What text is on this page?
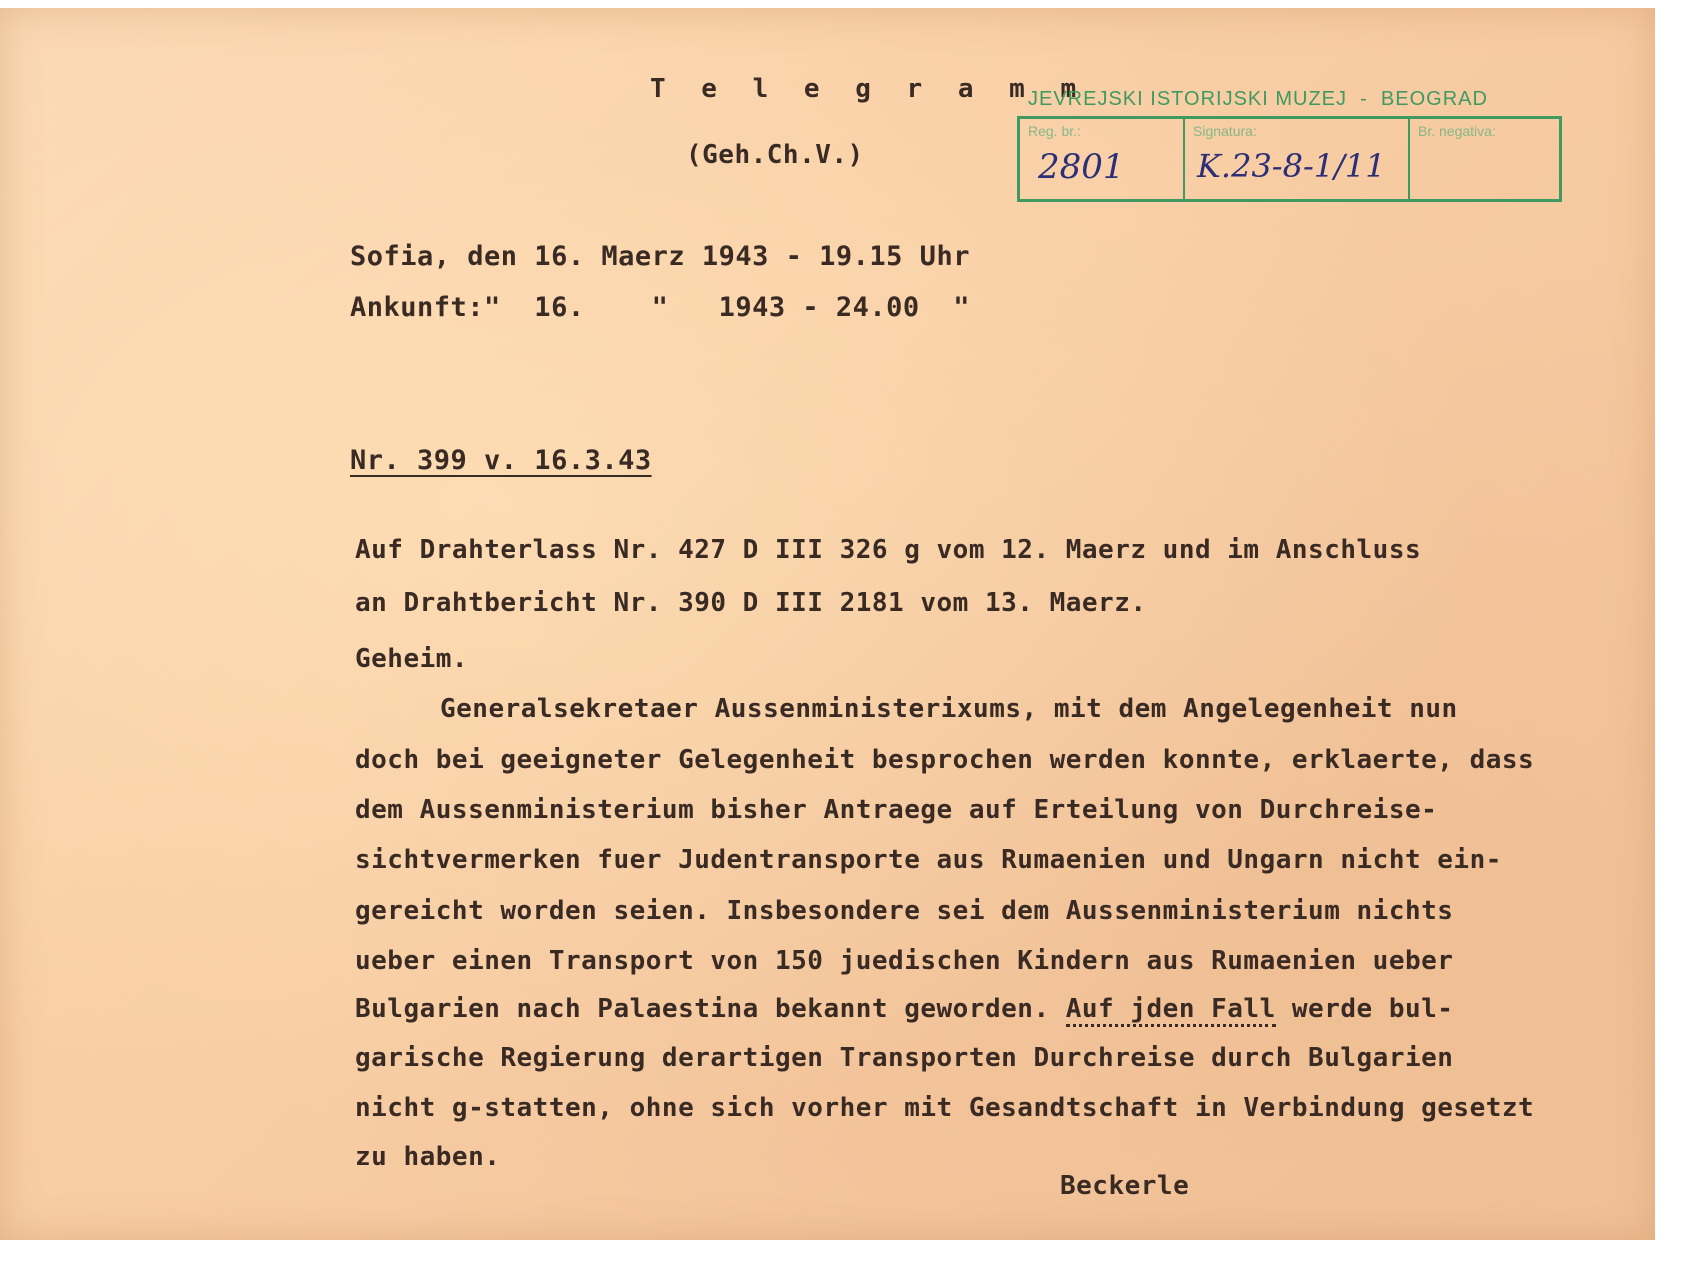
T e l e g r a m m
(Geh.Ch.V.)
JEVREJSKI ISTORIJSKI MUZEJ  -  BEOGRAD
Reg. br.:
2801
Signatura:
K.23-8-1/11
Br. negativa:
Sofia, den 16. Maerz 1943 - 19.15 Uhr
Ankunft:"  16.    "   1943 - 24.00  "
Nr. 399 v. 16.3.43
Auf Drahterlass Nr. 427 D III 326 g vom 12. Maerz und im Anschluss
an Drahtbericht Nr. 390 D III 2181 vom 13. Maerz.
Geheim.
Generalsekretaer Aussenministerixums, mit dem Angelegenheit nun
doch bei geeigneter Gelegenheit besprochen werden konnte, erklaerte, dass
dem Aussenministerium bisher Antraege auf Erteilung von Durchreise-
sichtvermerken fuer Judentransporte aus Rumaenien und Ungarn nicht ein-
gereicht worden seien. Insbesondere sei dem Aussenministerium nichts
ueber einen Transport von 150 juedischen Kindern aus Rumaenien ueber
Bulgarien nach Palaestina bekannt geworden. Auf jden Fall werde bul-
garische Regierung derartigen Transporten Durchreise durch Bulgarien
nicht g-statten, ohne sich vorher mit Gesandtschaft in Verbindung gesetzt
zu haben.
Beckerle
